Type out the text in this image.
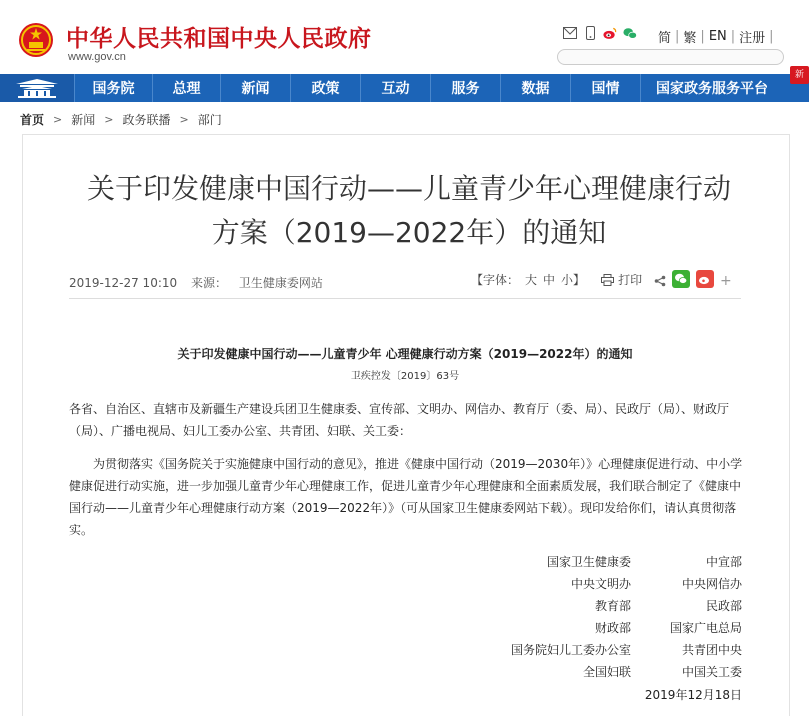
中华人民共和国中央人民政府
www.gov.cn
简 | 繁 | EN | 注册 |
国务院	总理	新闻	政策	互动	服务	数据	国情	国家政务服务平台
新
首页 > 新闻 > 政务联播 > 部门
关于印发健康中国行动——儿童青少年心理健康行动
方案（2019—2022年）的通知
2019-12-27 10:10 来源： 卫生健康委网站	【字体： 大 中 小】	打印	+
关于印发健康中国行动——儿童青少年 心理健康行动方案（2019—2022年）的通知
卫疾控发〔2019〕63号
各省、自治区、直辖市及新疆生产建设兵团卫生健康委、宣传部、文明办、网信办、教育厅（委、局）、民政厅（局）、财政厅（局）、广播电视局、妇儿工委办公室、共青团、妇联、关工委：
为贯彻落实《国务院关于实施健康中国行动的意见》，推进《健康中国行动（2019—2030年）》心理健康促进行动、中小学健康促进行动实施，进一步加强儿童青少年心理健康工作，促进儿童青少年心理健康和全面素质发展，我们联合制定了《健康中国行动——儿童青少年心理健康行动方案（2019—2022年）》（可从国家卫生健康委网站下载）。现印发给你们，请认真贯彻落实。
国家卫生健康委	中宣部
中央文明办	中央网信办
教育部	民政部
财政部	国家广电总局
国务院妇儿工委办公室	共青团中央
全国妇联	中国关工委
2019年12月18日
